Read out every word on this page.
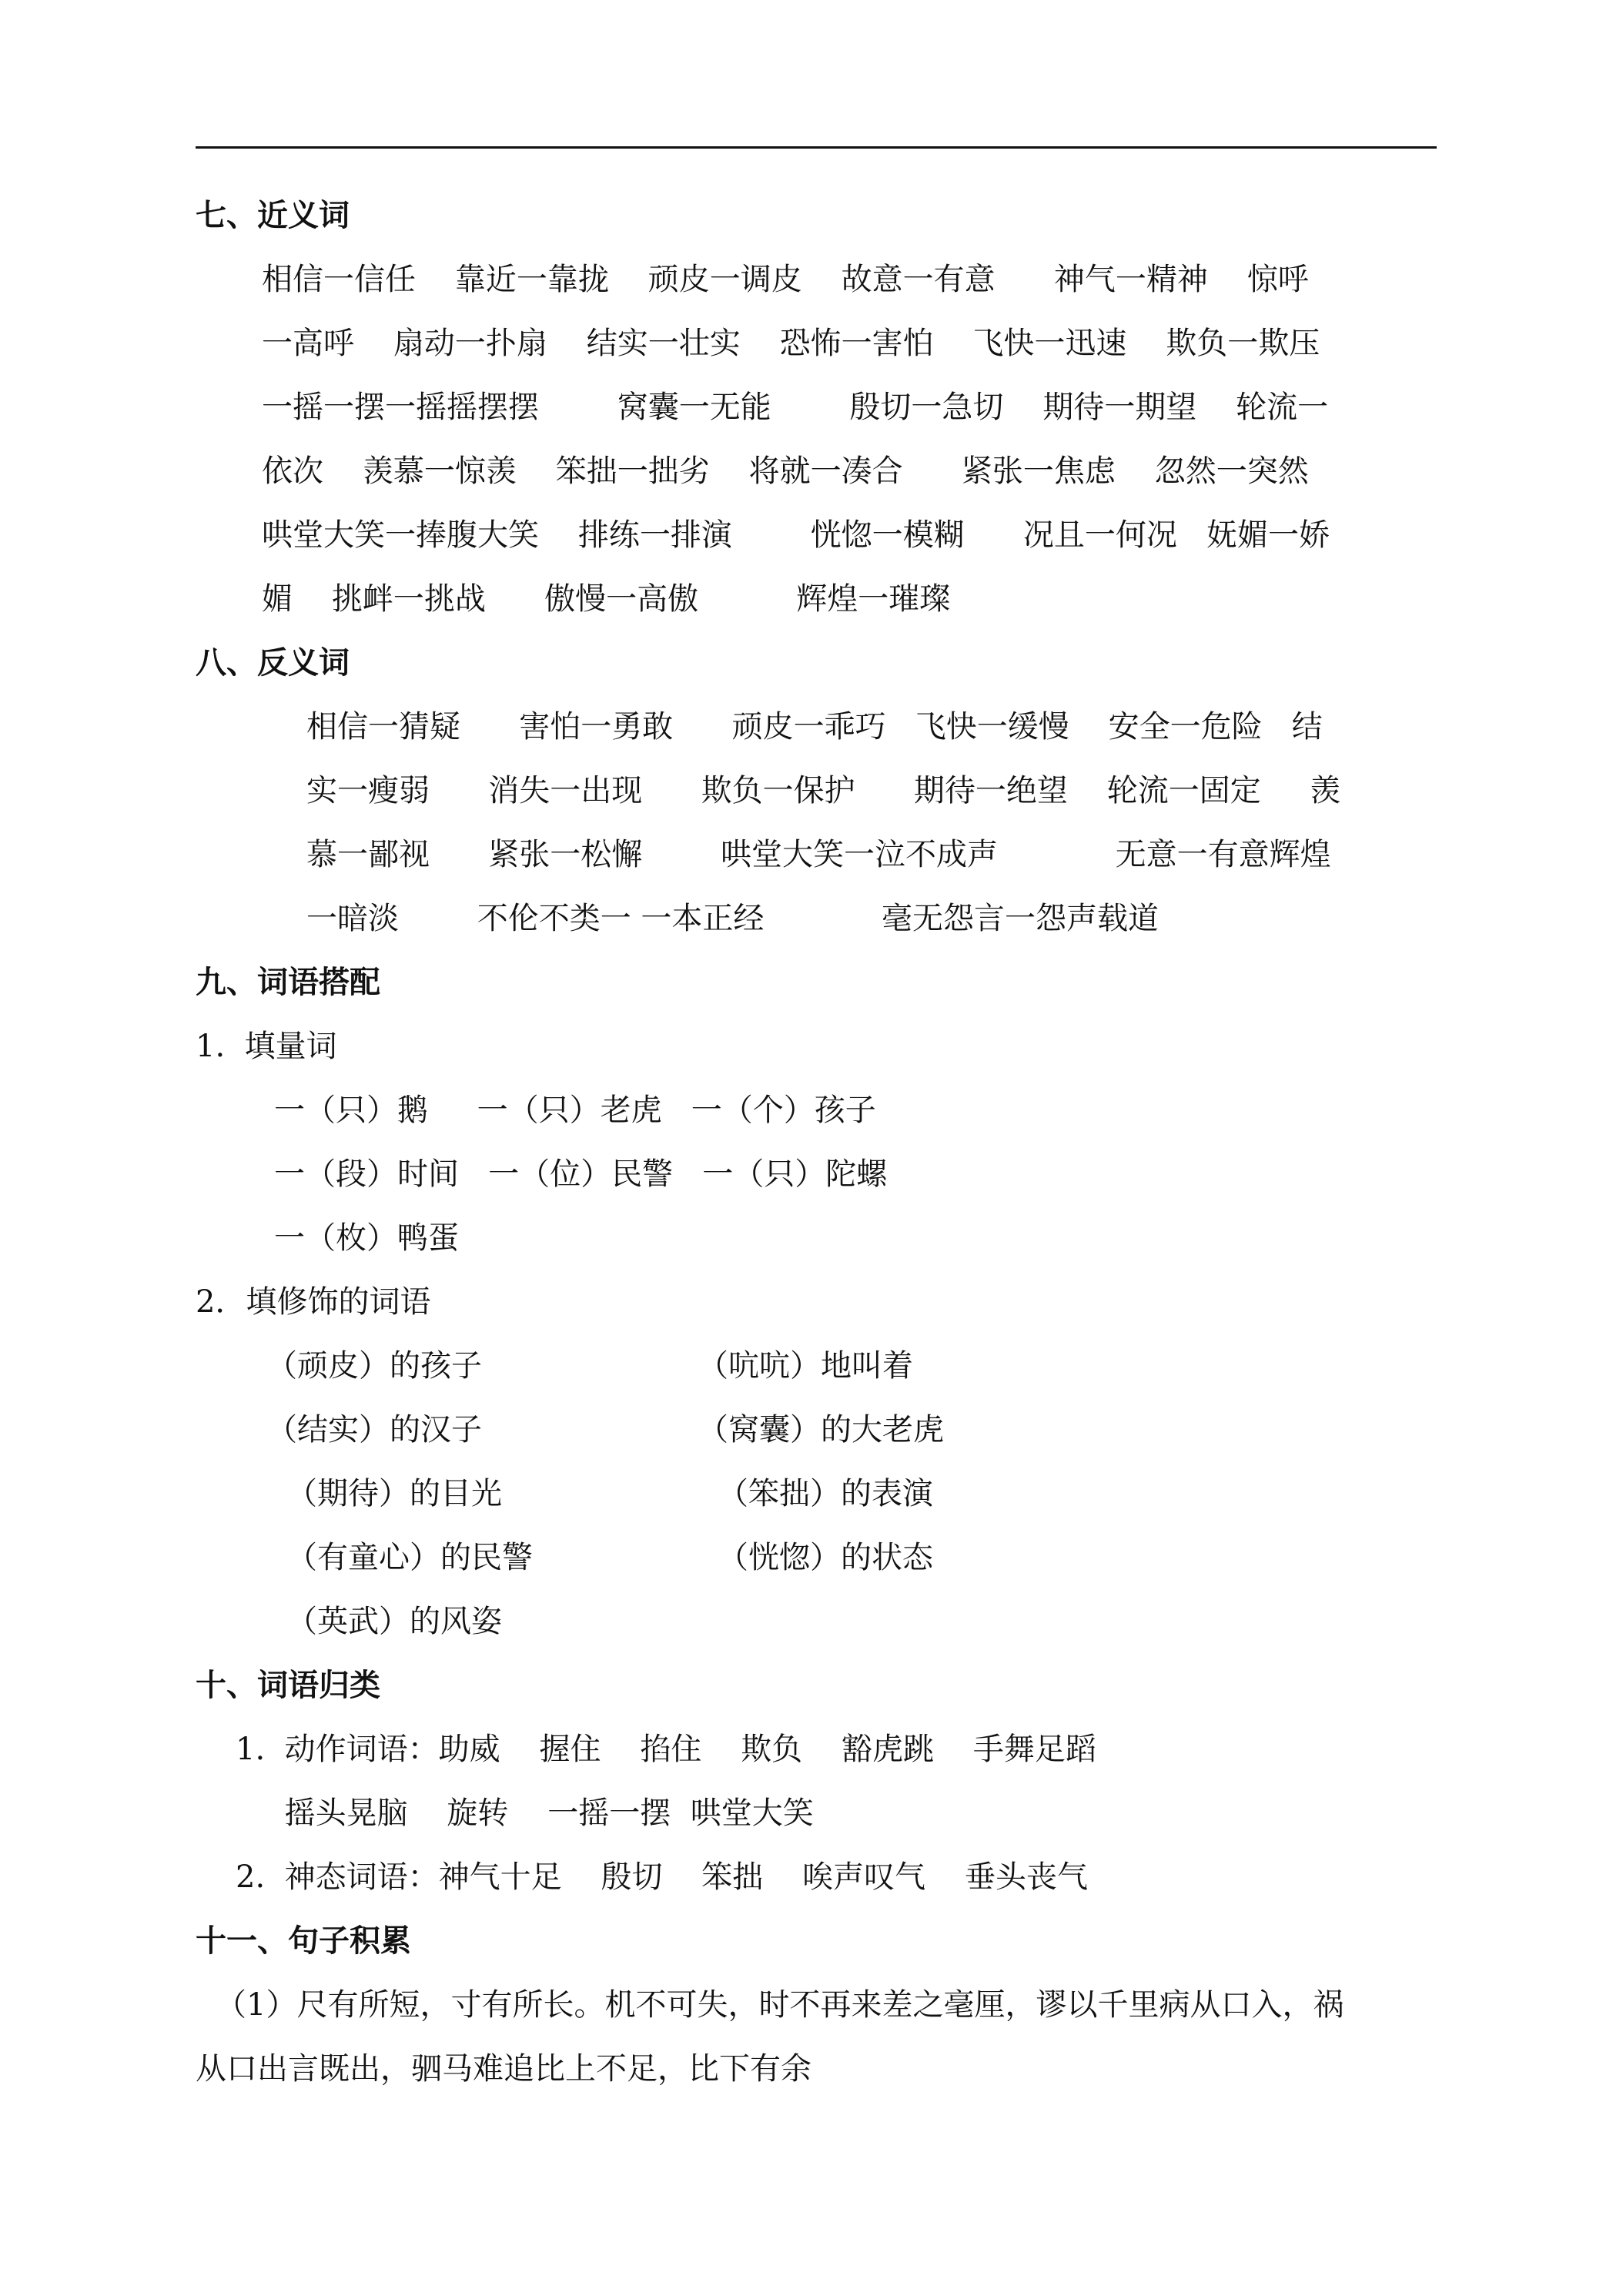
七、近义词
相信一信任    靠近一靠拢    顽皮一调皮    故意一有意      神气一精神    惊呼
一高呼    扇动一扑扇    结实一壮实    恐怖一害怕    飞快一迅速    欺负一欺压
一摇一摆一摇摇摆摆        窝囊一无能        殷切一急切    期待一期望    轮流一
依次    羡慕一惊羡    笨拙一拙劣    将就一凑合      紧张一焦虑    忽然一突然
哄堂大笑一捧腹大笑    排练一排演        恍惚一模糊      况且一何况   妩媚一娇
媚    挑衅一挑战      傲慢一高傲          辉煌一璀璨
八、反义词
相信一猜疑      害怕一勇敢      顽皮一乖巧   飞快一缓慢    安全一危险   结
实一瘦弱      消失一出现      欺负一保护      期待一绝望    轮流一固定     羡
慕一鄙视      紧张一松懈        哄堂大笑一泣不成声            无意一有意辉煌
一暗淡        不伦不类一 一本正经            毫无怨言一怨声载道
九、词语搭配
1.  填量词
一（只）鹅     一（只）老虎   一（个）孩子
一（段）时间   一（位）民警   一（只）陀螺
一（枚）鸭蛋
2．填修饰的词语
（顽皮）的孩子	（吭吭）地叫着
（结实）的汉子	（窝囊）的大老虎
（期待）的目光	（笨拙）的表演
（有童心）的民警	（恍惚）的状态
（英武）的风姿
十、词语归类
1.  动作词语：助威    握住    掐住    欺负    豁虎跳    手舞足蹈
摇头晃脑    旋转    一摇一摆  哄堂大笑
2.  神态词语：神气十足    殷切    笨拙    唉声叹气    垂头丧气
十一、句子积累
（1）尺有所短，寸有所长。机不可失，时不再来差之毫厘，谬以千里病从口入，祸
从口出言既出，驷马难追比上不足，比下有余
